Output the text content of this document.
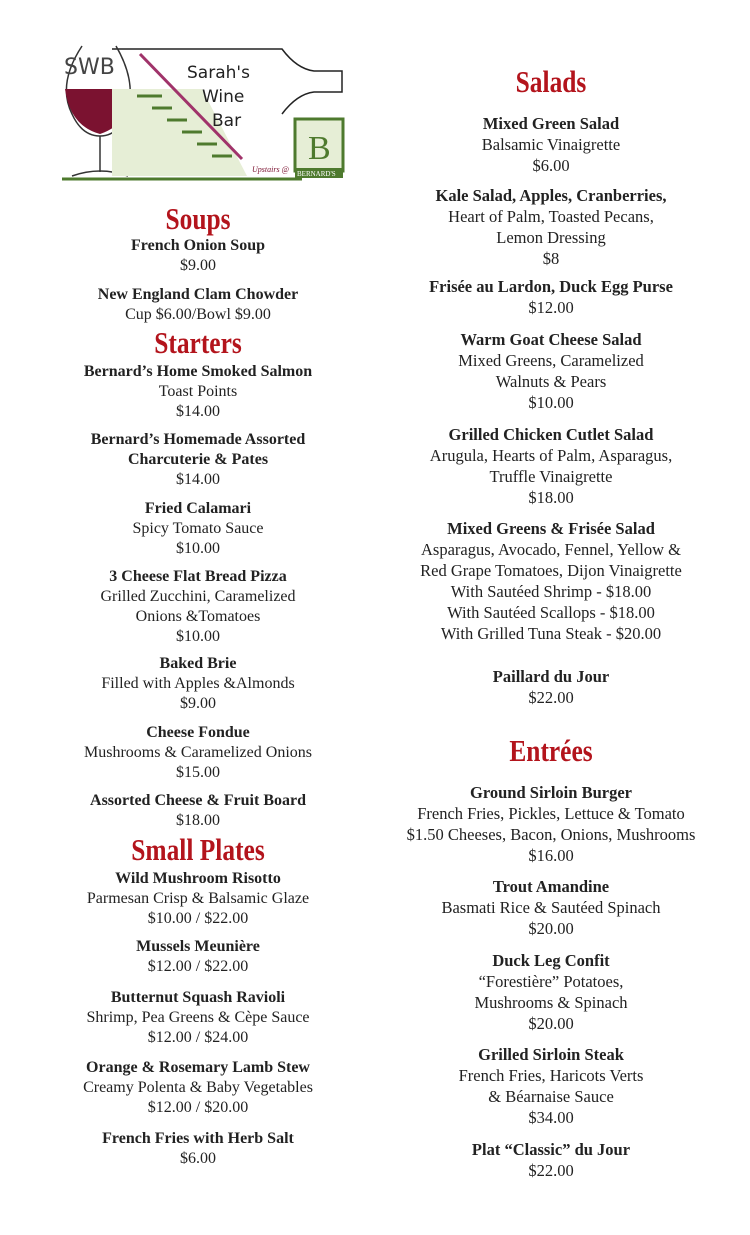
SWB	Sarah's
Wine
Bar
Upstairs @
B
BERNARD'S
Soups
French Onion Soup
$9.00
New England Clam Chowder
Cup $6.00/Bowl $9.00
Starters
Bernard’s Home Smoked Salmon
Toast Points
$14.00
Bernard’s Homemade Assorted
Charcuterie & Pates
$14.00
Fried Calamari
Spicy Tomato Sauce
$10.00
3 Cheese Flat Bread Pizza
Grilled Zucchini, Caramelized
Onions &Tomatoes
$10.00
Baked Brie
Filled with Apples &Almonds
$9.00
Cheese Fondue
Mushrooms & Caramelized Onions
$15.00
Assorted Cheese & Fruit Board
$18.00
Small Plates
Wild Mushroom Risotto
Parmesan Crisp & Balsamic Glaze
$10.00 / $22.00
Mussels Meunière
$12.00 / $22.00
Butternut Squash Ravioli
Shrimp, Pea Greens & Cèpe Sauce
$12.00 / $24.00
Orange & Rosemary Lamb Stew
Creamy Polenta & Baby Vegetables
$12.00 / $20.00
French Fries with Herb Salt
$6.00
Salads
Mixed Green Salad
Balsamic Vinaigrette
$6.00
Kale Salad, Apples, Cranberries,
Heart of Palm, Toasted Pecans,
Lemon Dressing
$8
Frisée au Lardon, Duck Egg Purse
$12.00
Warm Goat Cheese Salad
Mixed Greens, Caramelized
Walnuts & Pears
$10.00
Grilled Chicken Cutlet Salad
Arugula, Hearts of Palm, Asparagus,
Truffle Vinaigrette
$18.00
Mixed Greens & Frisée Salad
Asparagus, Avocado, Fennel, Yellow &
Red Grape Tomatoes, Dijon Vinaigrette
With Sautéed Shrimp - $18.00
With Sautéed Scallops - $18.00
With Grilled Tuna Steak - $20.00
Paillard du Jour
$22.00
Entrées
Ground Sirloin Burger
French Fries, Pickles, Lettuce & Tomato
$1.50 Cheeses, Bacon, Onions, Mushrooms
$16.00
Trout Amandine
Basmati Rice & Sautéed Spinach
$20.00
Duck Leg Confit
“Forestière” Potatoes,
Mushrooms & Spinach
$20.00
Grilled Sirloin Steak
French Fries, Haricots Verts
& Béarnaise Sauce
$34.00
Plat “Classic” du Jour
$22.00
